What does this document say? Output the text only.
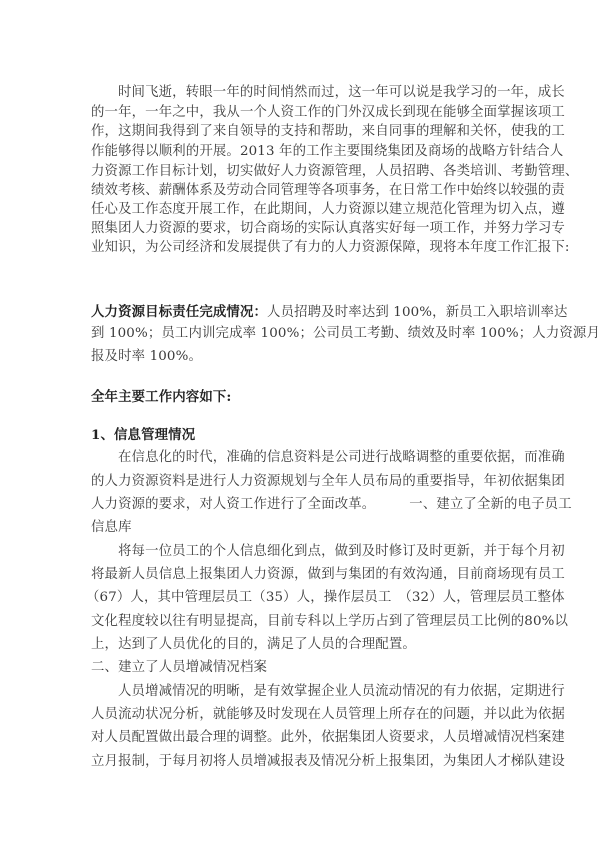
时间飞逝，转眼一年的时间悄然而过，这一年可以说是我学习的一年，成长
的一年，一年之中，我从一个人资工作的门外汉成长到现在能够全面掌握该项工
作，这期间我得到了来自领导的支持和帮助，来自同事的理解和关怀，使我的工
作能够得以顺利的开展。2013 年的工作主要围绕集团及商场的战略方针结合人
力资源工作目标计划，切实做好人力资源管理，人员招聘、各类培训、考勤管理、
绩效考核、薪酬体系及劳动合同管理等各项事务，在日常工作中始终以较强的责
任心及工作态度开展工作，在此期间，人力资源以建立规范化管理为切入点，遵
照集团人力资源的要求，切合商场的实际认真落实好每一项工作，并努力学习专
业知识，为公司经济和发展提供了有力的人力资源保障，现将本年度工作汇报下:
人力资源目标责任完成情况：人员招聘及时率达到 100%，新员工入职培训率达
到 100%；员工内训完成率 100%；公司员工考勤、绩效及时率 100%；人力资源月
报及时率 100%。
全年主要工作内容如下:
1、信息管理情况
在信息化的时代，准确的信息资料是公司进行战略调整的重要依据，而准确
的人力资源资料是进行人力资源规划与全年人员布局的重要指导，年初依据集团
人力资源的要求，对人资工作进行了全面改革。　　　一、建立了全新的电子员工
信息库
将每一位员工的个人信息细化到点，做到及时修订及时更新，并于每个月初
将最新人员信息上报集团人力资源，做到与集团的有效沟通，目前商场现有员工
（67）人，其中管理层员工（35）人，操作层员工　（32）人，管理层员工整体
文化程度较以往有明显提高，目前专科以上学历占到了管理层员工比例的80%以
上，达到了人员优化的目的，满足了人员的合理配置。
二、建立了人员增减情况档案
人员增减情况的明晰，是有效掌握企业人员流动情况的有力依据，定期进行
人员流动状况分析，就能够及时发现在人员管理上所存在的问题，并以此为依据
对人员配置做出最合理的调整。此外，依据集团人资要求，人员增减情况档案建
立月报制，于每月初将人员增减报表及情况分析上报集团，为集团人才梯队建设
